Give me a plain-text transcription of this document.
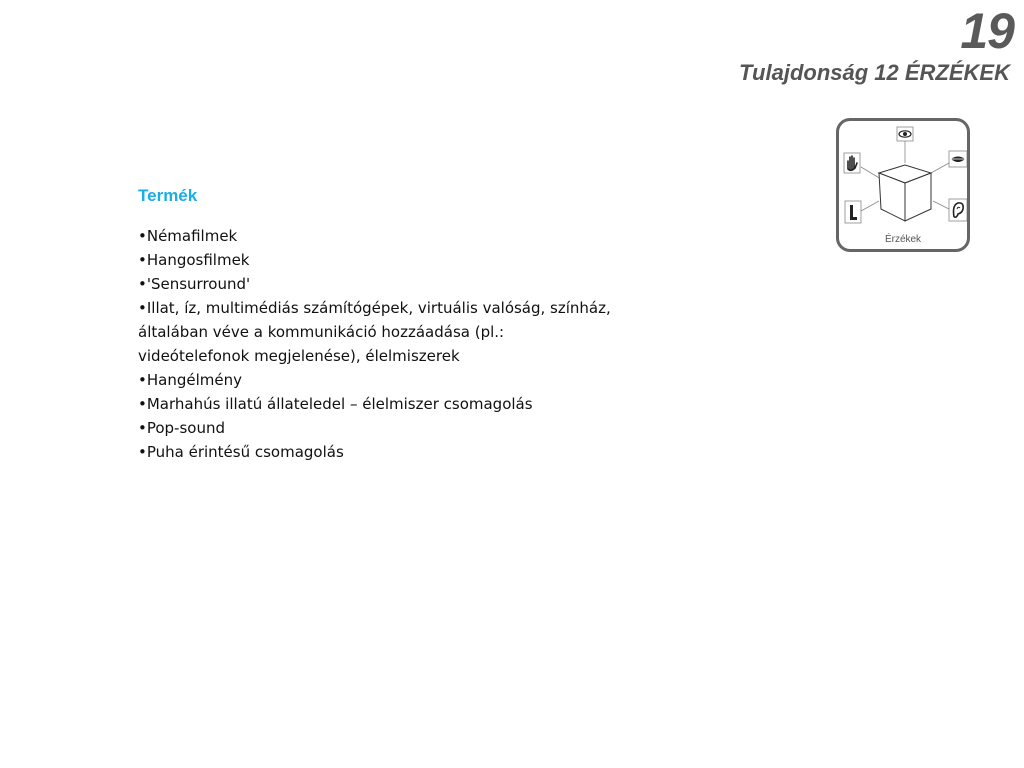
19
Tulajdonság 12 ÉRZÉKEK
Érzékek
Termék
•Némafilmek
•Hangosfilmek
•'Sensurround'
•Illat, íz, multimédiás számítógépek, virtuális valóság, színház, általában véve a kommunikáció hozzáadása (pl.: videótelefonok megjelenése), élelmiszerek
•Hangélmény
•Marhahús illatú állateledel – élelmiszer csomagolás
•Pop-sound
•Puha érintésű csomagolás
